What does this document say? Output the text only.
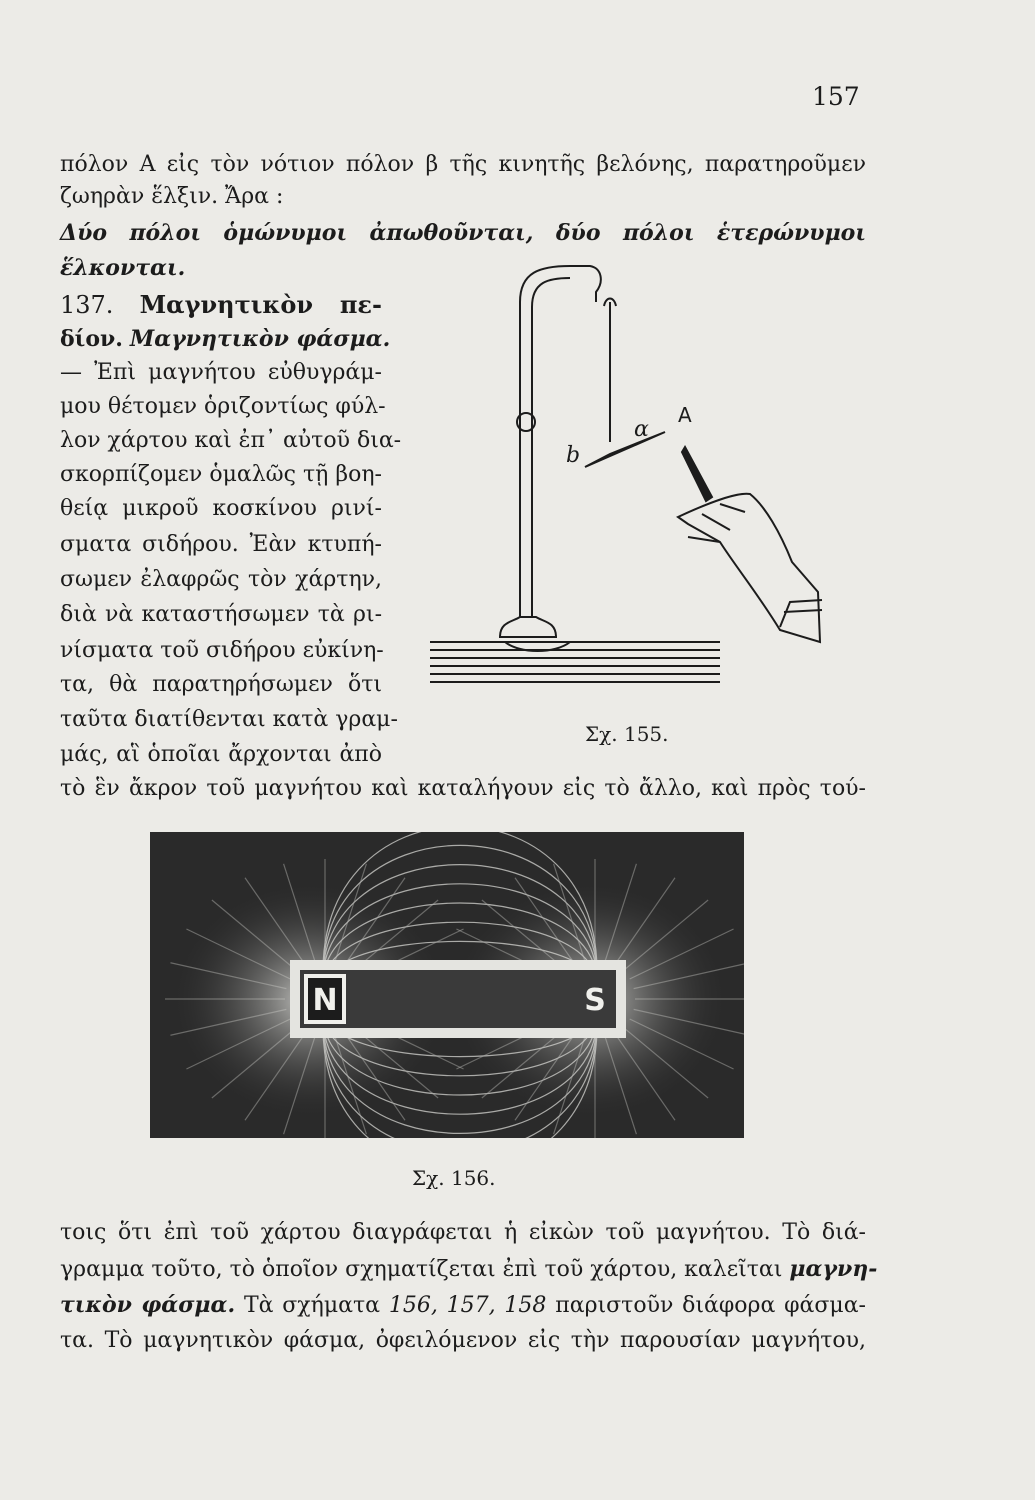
157
πόλον Α εἰς τὸν νότιον πόλον β τῆς κινητῆς βελόνης, παρατηροῦμεν
ζωηρὰν ἕλξιν. Ἄρα :
Δύο πόλοι ὁμώνυμοι ἀπωθοῦνται, δύο πόλοι ἑτερώνυμοι
ἕλκονται.
137. Μαγνητικὸν πε-
δίον. Μαγνητικὸν φάσμα.
— Ἐπὶ μαγνήτου εὐθυγράμ-
μου θέτομεν ὁριζοντίως φύλ-
λον χάρτου καὶ ἐπ᾽ αὐτοῦ δια-
σκορπίζομεν ὁμαλῶς τῇ βοη-
θείᾳ μικροῦ κοσκίνου ρινί-
σματα σιδήρου. Ἐὰν κτυπή-
σωμεν ἐλαφρῶς τὸν χάρτην,
διὰ νὰ καταστήσωμεν τὰ ρι-
νίσματα τοῦ σιδήρου εὐκίνη-
τα, θὰ παρατηρήσωμεν ὅτι
ταῦτα διατίθενται κατὰ γραμ-
μάς, αἳ ὁποῖαι ἄρχονται ἀπὸ
τὸ ἓν ἄκρον τοῦ μαγνήτου καὶ καταλήγουν εἰς τὸ ἄλλο, καὶ πρὸς τού-
α
Α
b
Σχ. 155.
N	S
Σχ. 156.
τοις ὅτι ἐπὶ τοῦ χάρτου διαγράφεται ἡ εἰκὼν τοῦ μαγνήτου. Τὸ διά-
γραμμα τοῦτο, τὸ ὁποῖον σχηματίζεται ἐπὶ τοῦ χάρτου, καλεῖται μαγνη-
τικὸν φάσμα. Τὰ σχήματα 156, 157, 158 παριστοῦν διάφορα φάσμα-
τα. Τὸ μαγνητικὸν φάσμα, ὀφειλόμενον εἰς τὴν παρουσίαν μαγνήτου,
